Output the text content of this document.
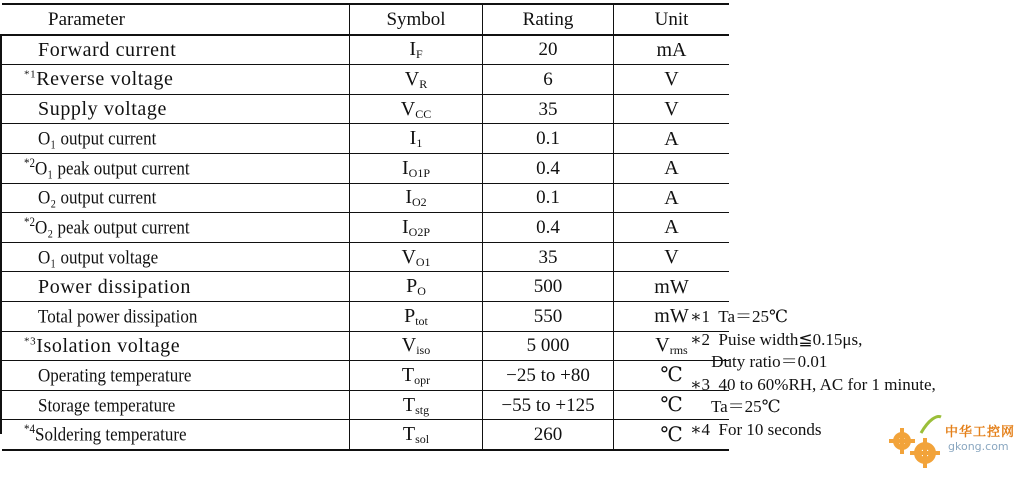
Parameter	Symbol	Rating	Unit
Forward current	$I_F$	20	mA
$^{*1}$Reverse voltage	$V_R$	6	V
Supply voltage	$V_{CC}$	35	V
O₁ output current	$I_1$	0.1	A
$^{*2}$O₁ peak output current	$I_{O1P}$	0.4	A
O₂ output current	$I_{O2}$	0.1	A
$^{*2}$O₂ peak output current	$I_{O2P}$	0.4	A
O₁ output voltage	$V_{O1}$	35	V
Power dissipation	$P_O$	500	mW
Total power dissipation	$P_{tot}$	550	mW
$^{*3}$Isolation voltage	$V_{iso}$	5 000	$V_{rms}$
Operating temperature	$T_{opr}$	−25 to +80	℃
Storage temperature	$T_{stg}$	−55 to +125	℃
$^{*4}$Soldering temperature	$T_{sol}$	260	℃
∗1  Ta＝25℃
∗2  Puise width≦0.15μs,
Duty ratio＝0.01
∗3  40 to 60%RH, AC for 1 minute,
Ta＝25℃
∗4  For 10 seconds	中华工控网
gkong.com
